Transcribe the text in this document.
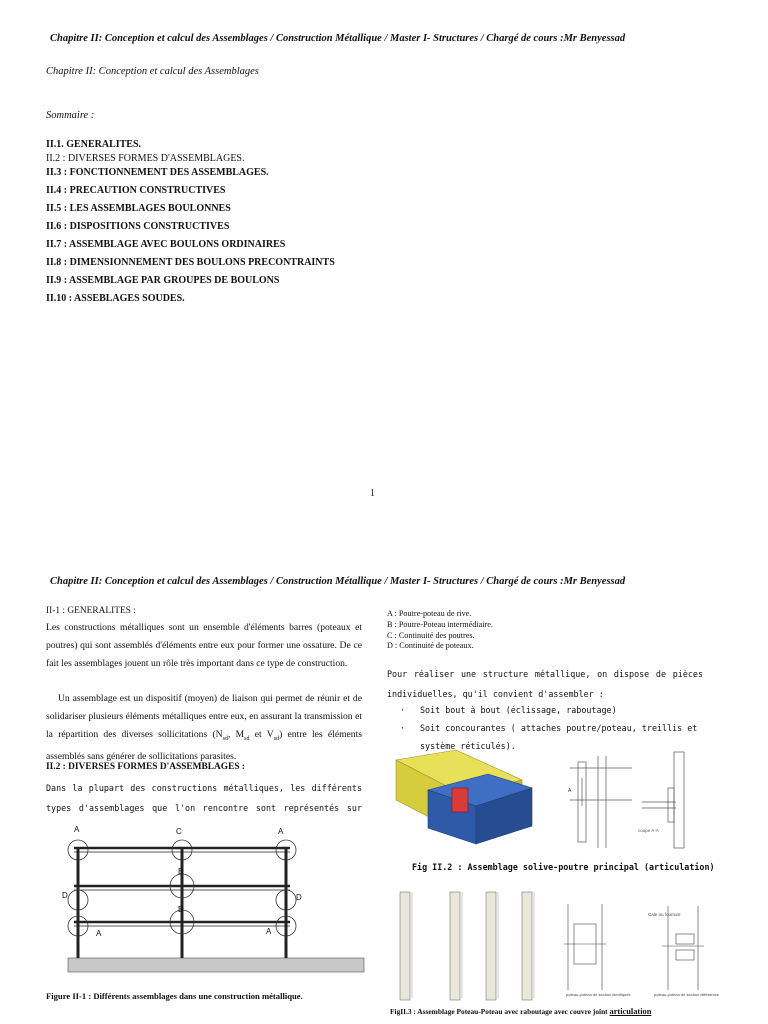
Chapitre II: Conception et calcul des Assemblages / Construction Métallique / Master I- Structures / Chargé de cours :Mr Benyessad
Chapitre II: Conception et calcul des Assemblages
Sommaire :
II.1. GENERALITES.
II.2 : DIVERSES FORMES D'ASSEMBLAGES.
II.3 : FONCTIONNEMENT DES ASSEMBLAGES.
II.4 : PRECAUTION CONSTRUCTIVES
II.5 : LES ASSEMBLAGES BOULONNES
II.6 : DISPOSITIONS CONSTRUCTIVES
II.7 : ASSEMBLAGE AVEC BOULONS ORDINAIRES
II.8 : DIMENSIONNEMENT DES BOULONS PRECONTRAINTS
II.9 : ASSEMBLAGE PAR GROUPES DE BOULONS
II.10 : ASSEBLAGES SOUDES.
1
Chapitre II: Conception et calcul des Assemblages / Construction Métallique / Master I- Structures / Chargé de cours :Mr Benyessad
II-1 : GENERALITES :
Les constructions métalliques sont un ensemble d'éléments barres (poteaux et poutres) qui sont assemblés d'éléments entre eux pour former une ossature. De ce fait les assemblages jouent un rôle très important dans ce type de construction.
Un assemblage est un dispositif (moyen) de liaison qui permet de réunir et de solidariser plusieurs éléments métalliques entre eux, en assurant la transmission et la répartition des diverses sollicitations ($N_{sd}$, $M_{sd}$ et $V_{sd}$) entre les éléments assemblés sans générer de sollicitations parasites.
II.2 : DIVERSES FORMES D'ASSEMBLAGES :
Dans la plupart des constructions métalliques, les différents types d'assemblages que l'on rencontre sont représentés sur
A	C	A
B
B
D	D
A	A
Figure II-1 : Différents assemblages dans une construction métallique.
A : Poutre-poteau de rive.
B : Poutre-Poteau intermédiaire.
C : Continuité des poutres.
D : Continuité de poteaux.
Pour réaliser une structure métallique, on dispose de pièces individuelles, qu'il convient d'assembler :
· Soit bout à bout (éclissage, raboutage)
· Soit concourantes ( attaches poutre/poteau, treillis et système réticulés).
A
coupe A-A
Fig II.2 : Assemblage solive-poutre principal (articulation)
Cale ou fourrure
poteau-poteau de section identiques	poteau-poteau de section différentes
FigII.3 : Assemblage Poteau-Poteau avec raboutage avec couvre joint articulation
